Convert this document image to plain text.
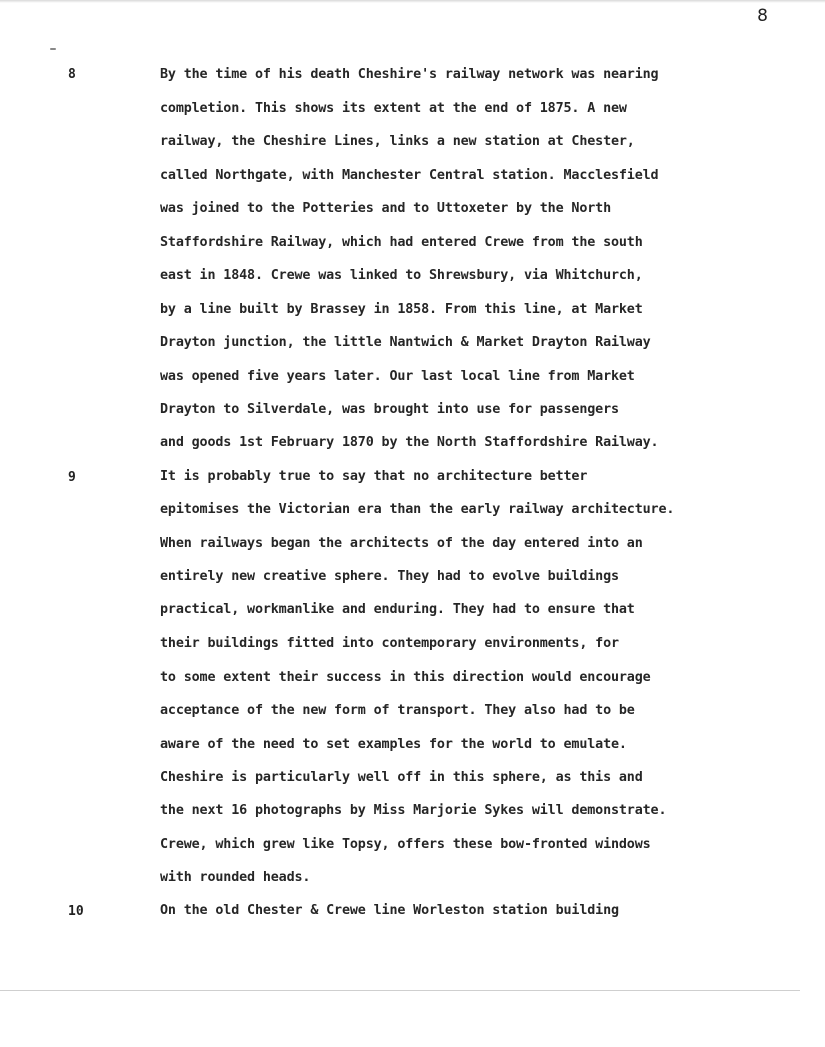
8
8
9
10
By the time of his death Cheshire's railway network was nearing
completion. This shows its extent at the end of 1875. A new
railway, the Cheshire Lines, links a new station at Chester,
called Northgate, with Manchester Central station. Macclesfield
was joined to the Potteries and to Uttoxeter by the North
Staffordshire Railway, which had entered Crewe from the south
east in 1848. Crewe was linked to Shrewsbury, via Whitchurch,
by a line built by Brassey in 1858. From this line, at Market
Drayton junction, the little Nantwich & Market Drayton Railway
was opened five years later. Our last local line from Market
Drayton to Silverdale, was brought into use for passengers
and goods 1st February 1870 by the North Staffordshire Railway.
It is probably true to say that no architecture better
epitomises the Victorian era than the early railway architecture.
When railways began the architects of the day entered into an
entirely new creative sphere. They had to evolve buildings
practical, workmanlike and enduring. They had to ensure that
their buildings fitted into contemporary environments, for
to some extent their success in this direction would encourage
acceptance of the new form of transport. They also had to be
aware of the need to set examples for the world to emulate.
Cheshire is particularly well off in this sphere, as this and
the next 16 photographs by Miss Marjorie Sykes will demonstrate.
Crewe, which grew like Topsy, offers these bow-fronted windows
with rounded heads.
On the old Chester & Crewe line Worleston station building
